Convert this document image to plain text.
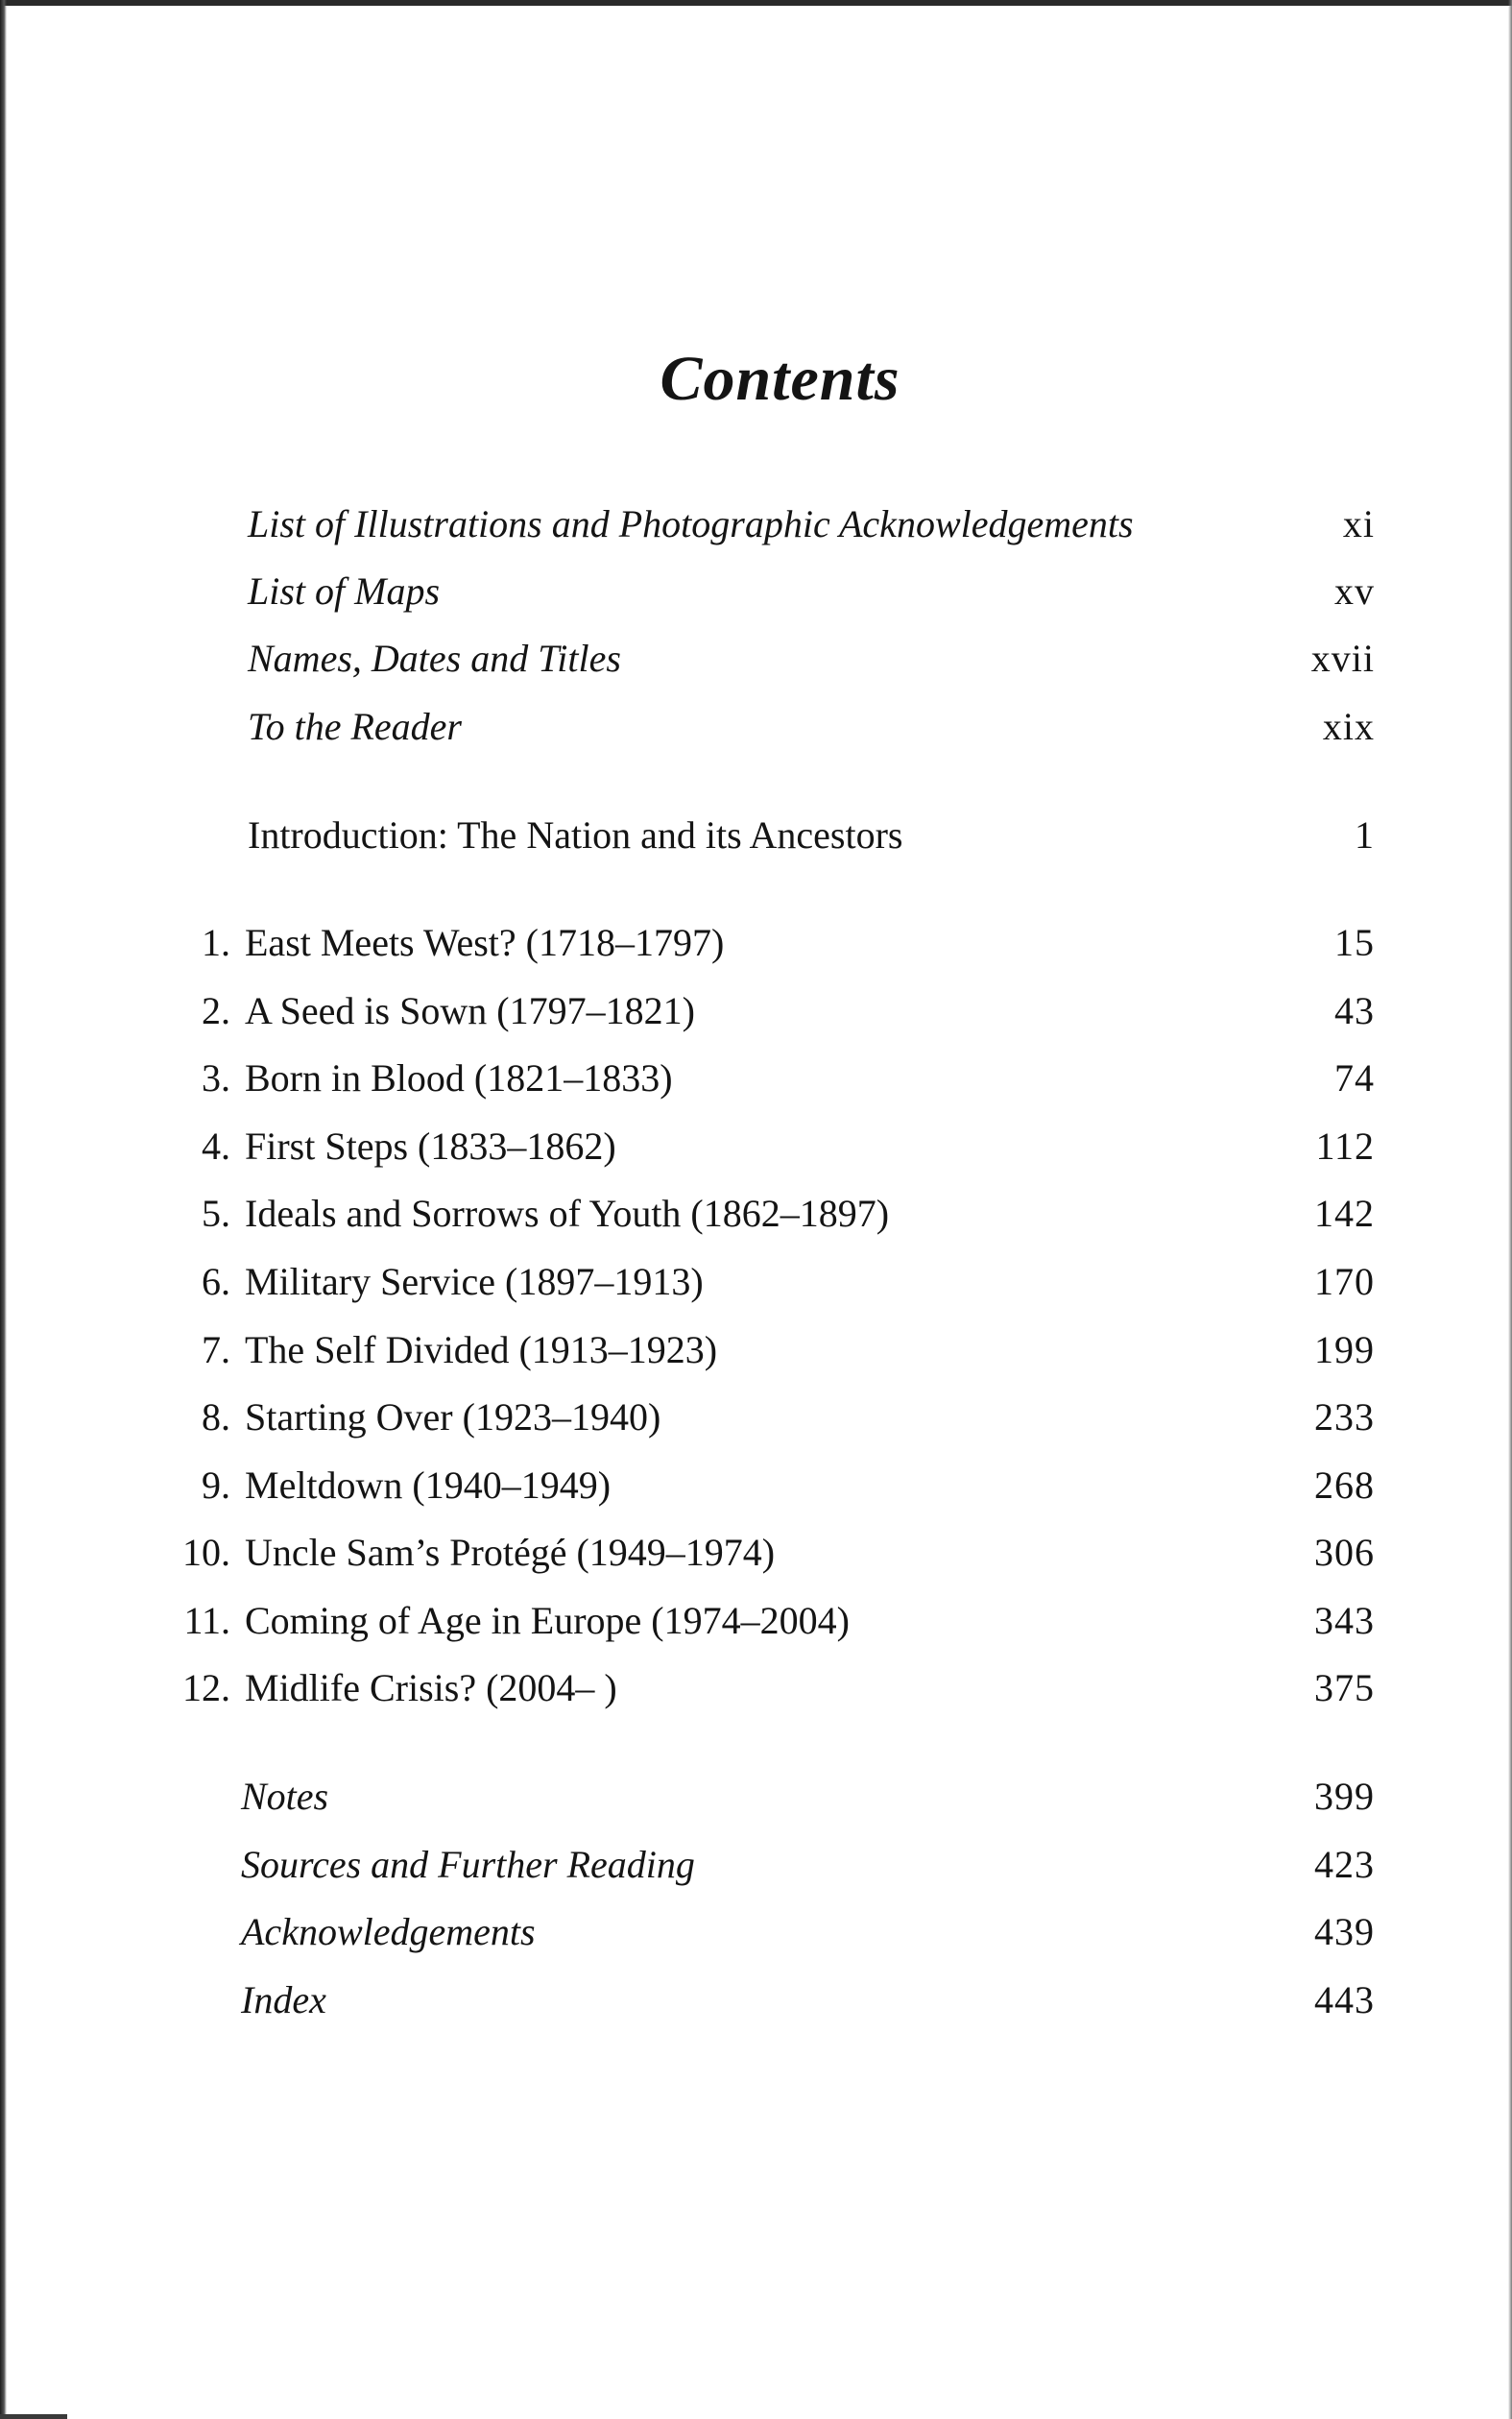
Contents
List of Illustrations and Photographic Acknowledgements	xi
List of Maps	xv
Names, Dates and Titles	xvii
To the Reader	xix
Introduction: The Nation and its Ancestors	1
1. East Meets West? (1718–1797)	15
2. A Seed is Sown (1797–1821)	43
3. Born in Blood (1821–1833)	74
4. First Steps (1833–1862)	112
5. Ideals and Sorrows of Youth (1862–1897)	142
6. Military Service (1897–1913)	170
7. The Self Divided (1913–1923)	199
8. Starting Over (1923–1940)	233
9. Meltdown (1940–1949)	268
10. Uncle Sam’s Protégé (1949–1974)	306
11. Coming of Age in Europe (1974–2004)	343
12. Midlife Crisis? (2004– )	375
Notes	399
Sources and Further Reading	423
Acknowledgements	439
Index	443
